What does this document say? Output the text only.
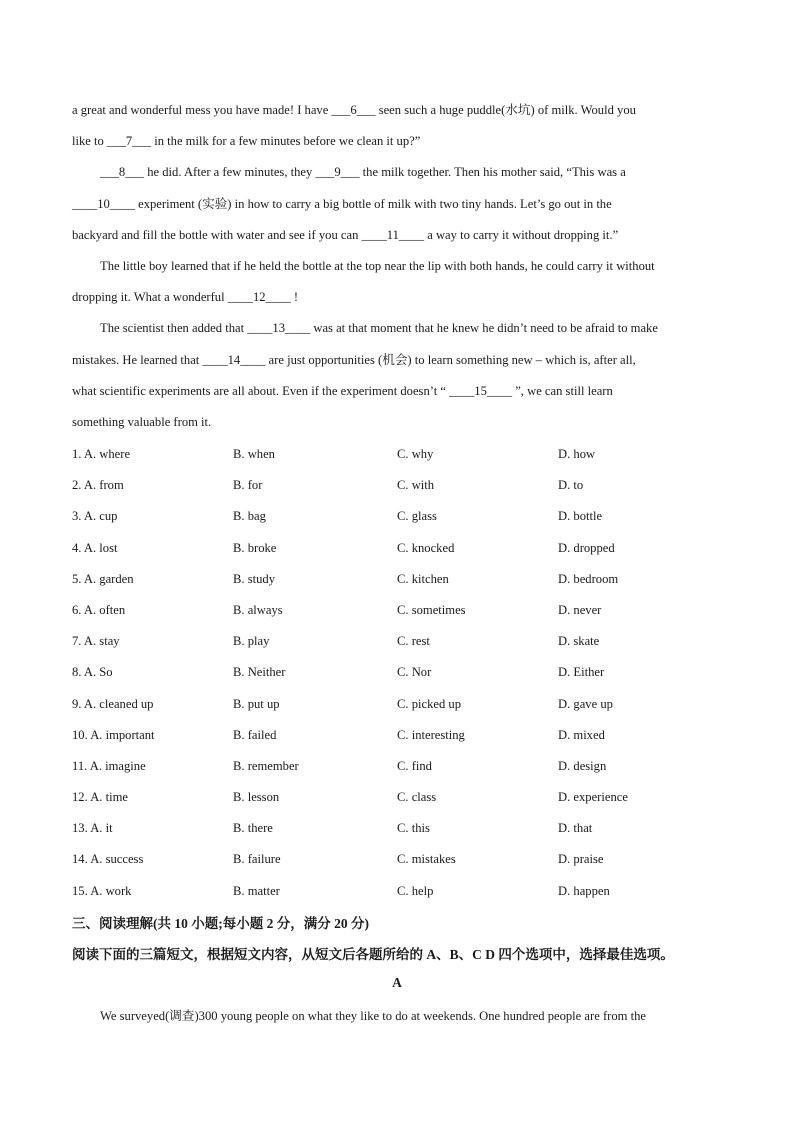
a great and wonderful mess you have made! I have ___6___ seen such a huge puddle(水坑) of milk. Would you
like to ___7___ in the milk for a few minutes before we clean it up?”
___8___ he did. After a few minutes, they ___9___ the milk together. Then his mother said, “This was a
____10____ experiment (实验) in how to carry a big bottle of milk with two tiny hands. Let’s go out in the
backyard and fill the bottle with water and see if you can ____11____ a way to carry it without dropping it.”
The little boy learned that if he held the bottle at the top near the lip with both hands, he could carry it without
dropping it. What a wonderful ____12____ !
The scientist then added that ____13____ was at that moment that he knew he didn’t need to be afraid to make
mistakes. He learned that ____14____ are just opportunities (机会) to learn something new – which is, after all,
what scientific experiments are all about. Even if the experiment doesn’t “ ____15____ ”, we can still learn
something valuable from it.
1. A. where	B. when	C. why	D. how
2. A. from	B. for	C. with	D. to
3. A. cup	B. bag	C. glass	D. bottle
4. A. lost	B. broke	C. knocked	D. dropped
5. A. garden	B. study	C. kitchen	D. bedroom
6. A. often	B. always	C. sometimes	D. never
7. A. stay	B. play	C. rest	D. skate
8. A. So	B. Neither	C. Nor	D. Either
9. A. cleaned up	B. put up	C. picked up	D. gave up
10. A. important	B. failed	C. interesting	D. mixed
11. A. imagine	B. remember	C. find	D. design
12. A. time	B. lesson	C. class	D. experience
13. A. it	B. there	C. this	D. that
14. A. success	B. failure	C. mistakes	D. praise
15. A. work	B. matter	C. help	D. happen
三、阅读理解(共 10 小题;每小题 2 分，满分 20 分)
阅读下面的三篇短文，根据短文内容，从短文后各题所给的 A、B、C D 四个选项中，选择最佳选项。
A
We surveyed(调查)300 young people on what they like to do at weekends. One hundred people are from the
